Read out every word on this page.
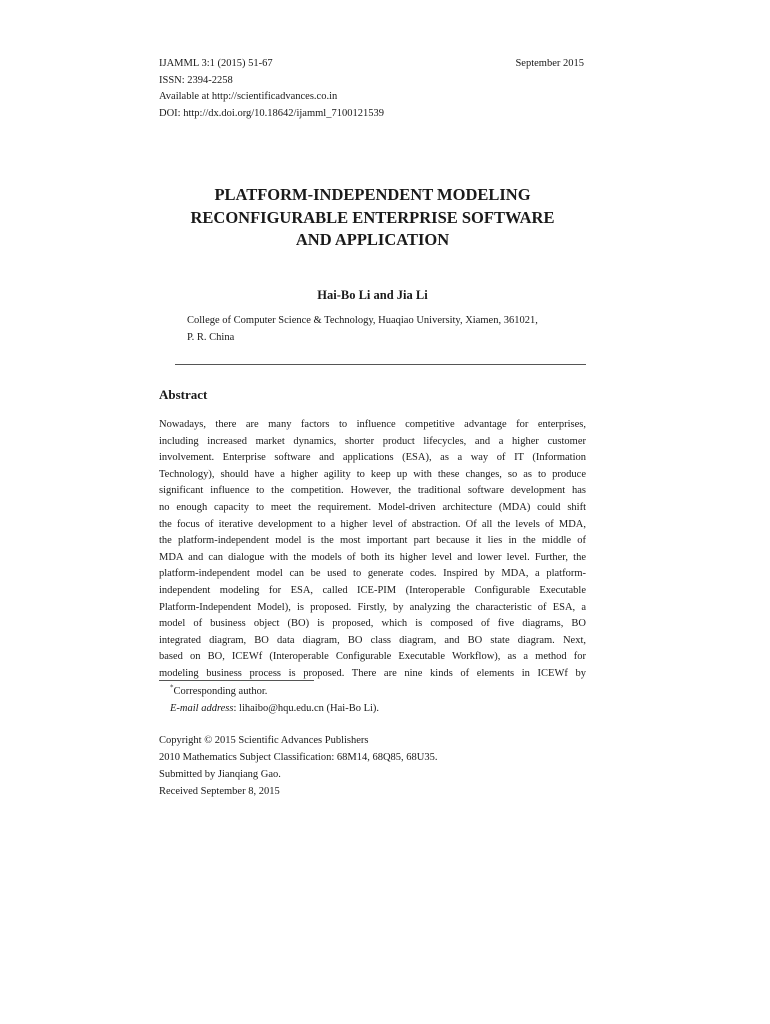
IJAMML 3:1 (2015) 51-67
ISSN: 2394-2258
Available at http://scientificadvances.co.in
DOI: http://dx.doi.org/10.18642/ijamml_7100121539
September 2015
PLATFORM-INDEPENDENT MODELING
RECONFIGURABLE ENTERPRISE SOFTWARE
AND APPLICATION
Hai-Bo Li and Jia Li
College of Computer Science & Technology, Huaqiao University, Xiamen, 361021,
P. R. China
Abstract
Nowadays, there are many factors to influence competitive advantage for enterprises,
including increased market dynamics, shorter product lifecycles, and a higher customer
involvement. Enterprise software and applications (ESA), as a way of IT (Information
Technology), should have a higher agility to keep up with these changes, so as to produce
significant influence to the competition. However, the traditional software development has
no enough capacity to meet the requirement. Model-driven architecture (MDA) could shift
the focus of iterative development to a higher level of abstraction. Of all the levels of MDA,
the platform-independent model is the most important part because it lies in the middle of
MDA and can dialogue with the models of both its higher level and lower level. Further, the
platform-independent model can be used to generate codes. Inspired by MDA, a platform-
independent modeling for ESA, called ICE-PIM (Interoperable Configurable Executable
Platform-Independent Model), is proposed. Firstly, by analyzing the characteristic of ESA, a
model of business object (BO) is proposed, which is composed of five diagrams, BO
integrated diagram, BO data diagram, BO class diagram, and BO state diagram. Next,
based on BO, ICEWf (Interoperable Configurable Executable Workflow), as a method for
modeling business process is proposed. There are nine kinds of elements in ICEWf by
*Corresponding author.
E-mail address: lihaibo@hqu.edu.cn (Hai-Bo Li).
Copyright © 2015 Scientific Advances Publishers
2010 Mathematics Subject Classification: 68M14, 68Q85, 68U35.
Submitted by Jianqiang Gao.
Received September 8, 2015
